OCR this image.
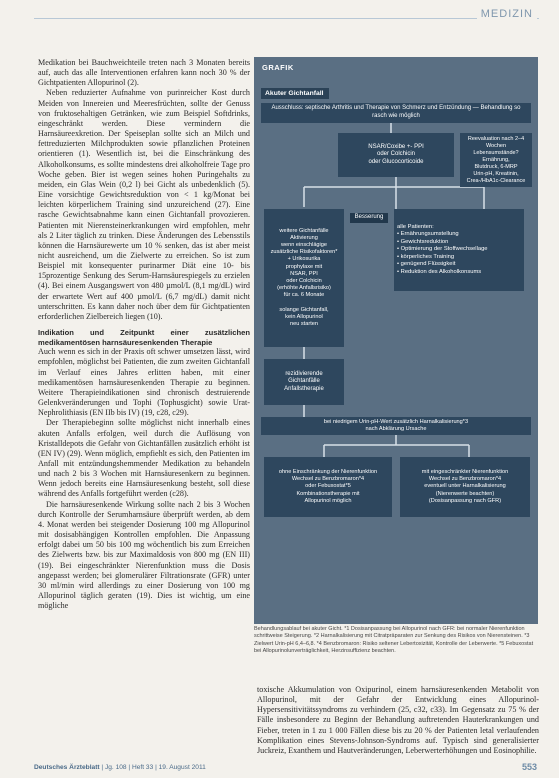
MEDIZIN

Medikation bei Bauchweichteile treten nach 3 Monaten bereits auf, auch das alle Interventionen erfahren kann noch 30 % der Gichtpatienten Allopurinol (2).

Neben reduzierter Aufnahme von purinreicher Kost durch Meiden von Innereien und Meeresfrüchten, sollte der Genuss von fruktosehaltigen Getränken, wie zum Beispiel Softdrinks, eingeschränkt werden. Diese vermindern die Harnsäureexkretion. Der Speiseplan sollte sich an Milch und fettreduzierten Milchprodukten sowie pflanzlichen Proteinen orientieren (1). Wesentlich ist, bei die Einschränkung des Alkoholkonsums, es sollte mindestens drei alkoholfreie Tage pro Woche geben. Bier ist wegen seines hohen Puringehalts zu meiden, ein Glas Wein (0,2 l) bei Gicht als unbedenklich (5). Eine vorsichtige Gewichtsreduktion von < 1 kg/Monat bei leichten körperlichem Training sind unzureichend (27). Eine rasche Gewichtsabnahme kann einen Gichtanfall provozieren. Patienten mit Nierensteinerkrankungen wird empfohlen, mehr als 2 Liter täglich zu trinken. Diese Änderungen des Lebensstils können die Harnsäurewerte um 10 % senken, das ist aber meist nicht ausreichend, um die Zielwerte zu erreichen. So ist zum Beispiel mit konsequenter purinarmer Diät eine 10- bis 15prozentige Senkung des Serum-Harnsäurespiegels zu erzielen (4). Bei einem Ausgangswert von 480 µmol/L (8,1 mg/dL) wird der erwartete Wert auf 400 µmol/L (6,7 mg/dL) damit nicht unterschritten. Es kann daher noch über dem für Gichtpatienten erforderlichen Zielbereich liegen (10).

Indikation und Zeitpunkt einer zusätzlichen medikamentösen harnsäuresenkenden Therapie

Auch wenn es sich in der Praxis oft schwer umsetzen lässt, wird empfohlen, möglichst bei Patienten, die zum zweiten Gichtanfall im Verlauf eines Jahres erlitten haben, mit einer medikamentösen harnsäuresenkenden Therapie zu beginnen. Weitere Therapieindikationen sind chronisch destruierende Gelenkveränderungen und Tophi (Tophusgicht) sowie Urat-Nephrolithiasis (EN IIb bis IV) (19, c28, c29).

Der Therapiebeginn sollte möglichst nicht innerhalb eines akuten Anfalls erfolgen, weil durch die Auflösung von Kristalldepots die Gefahr von Gichtanfällen zusätzlich erhöht ist (EN IV) (29). Wenn möglich, empfiehlt es sich, den Patienten im Anfall mit entzündungshemmender Medikation zu behandeln und nach 2 bis 3 Wochen mit Harnsäuresenkern zu beginnen. Wenn jedoch bereits eine Harnsäuresenkung besteht, soll diese während des Anfalls fortgeführt werden (c28).

Die harnsäuresenkende Wirkung sollte nach 2 bis 3 Wochen durch Kontrolle der Serumharnsäure überprüft werden, ab dem 4. Monat werden bei steigender Dosierung 100 mg Allopurinol mit dosisabhängigen Kontrollen empfohlen. Die Anpassung erfolgt dabei um 50 bis 100 mg wöchentlich bis zum Erreichen des Zielwerts bzw. bis zur Maximaldosis von 800 mg (EN III) (19). Bei eingeschränkter Nierenfunktion muss die Dosis angepasst werden; bei glomerulärer Filtrationsrate (GFR) unter 30 ml/min wird allerdings zu einer Dosierung von 100 mg Allopurinol täglich geraten (19). Dies ist wichtig, um eine mögliche

GRAFIK
Akuter Gichtanfall
Ausschluss: septische Arthritis und Therapie von Schmerz und Entzündung — Behandlung so rasch wie möglich
NSAR/Coxibe +- PPI
oder Colchicin
oder Glucocorticoide
Reevaluation nach 2–4 Wochen
Lebensumstände? Ernährung,
Blutdruck, 6-MRP
Urin-pH, Kreatinin,
Crea-/HbA1c-Clearance
weitere Gichtanfälle
Aktivierung
wenn einschlägige
zusätzliche Risikofaktoren*
+ Urikosurika
prophylaxe mit
NSAR, PPI
oder Colchicin
(erhöhte Anfallsrisiko)
für ca. 6 Monate

solange Gichtanfall,
kein Allopurinol
neu starten
Besserung
alle Patienten:
• Ernährungsumstellung
• Gewichtsreduktion
• Optimierung der Stoffwechsellage
• körperliches Training
• genügend Flüssigkeit
• Reduktion des Alkoholkonsums
rezidivierende
Gichtanfälle
Anfallstherapie
bei niedrigem Urin-pH-Wert zusätzlich Harnalkalisierung*3
nach Abklärung Ursache
ohne Einschränkung der Nierenfunktion
Wechsel zu Benzbromaron*4
oder Febuxostat*5
Kombinationstherapie mit
Allopurinol möglich
mit eingeschränkter Nierenfunktion
Wechsel zu Benzbromaron*4
eventuell unter Harnalkalisierung
(Nierenwerte beachten)
(Dosisanpassung nach GFR)
Behandlungsablauf bei akuter Gicht. *1 Dosisanpassung bei Allopurinol nach GFR: bei normaler Nierenfunktion schrittweise Steigerung. *2 Harnalkalisierung mit Citratpräparaten zur Senkung des Risikos von Nierensteinen. *3 Zielwert Urin-pH 6,4–6,8. *4 Benzbromaron: Risiko seltener Lebertoxizität, Kontrolle der Leberwerte. *5 Febuxostat bei Allopurinolunverträglichkeit, Herzinsuffizienz beachten.

toxische Akkumulation von Oxipurinol, einem harnsäuresenkenden Metabolit von Allopurinol, mit der Gefahr der Entwicklung eines Allopurinol-Hypersensitivitätssyndroms zu verhindern (25, c32, c33). Im Gegensatz zu 75 % der Fälle insbesondere zu Beginn der Behandlung auftretenden Hauterkrankungen und Fieber, treten in 1 zu 1 000 Fällen diese bis zu 20 % der Patienten letal verlaufenden Komplikation eines Stevens-Johnson-Syndroms auf. Typisch sind generalisierter Juckreiz, Exanthem und Hautveränderungen, Leberwerterhöhungen und Eosinophilie.

Deutsches Ärzteblatt | Jg. 108 | Heft 33 | 19. August 2011	553
